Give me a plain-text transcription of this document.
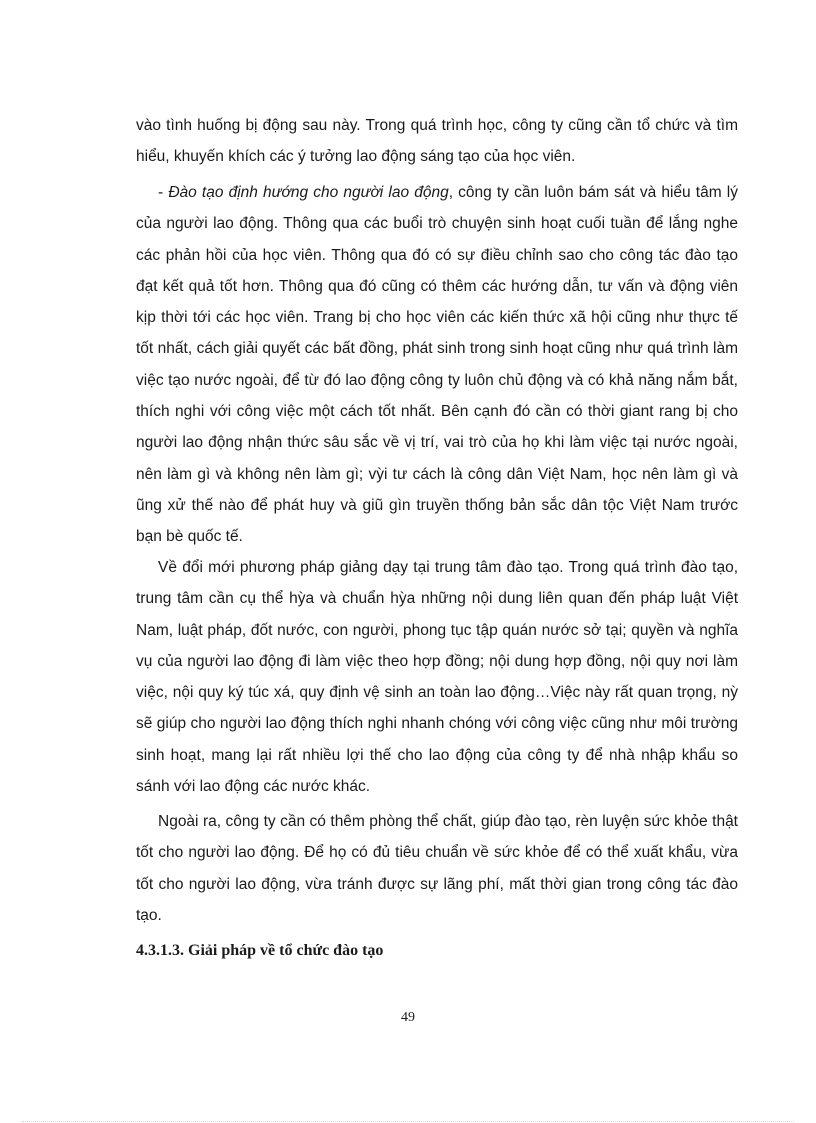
vào tình huống bị động sau này. Trong quá trình học, công ty cũng cần tổ chức và tìm hiểu, khuyến khích các ý tưởng lao động sáng tạo của học viên.

- Đào tạo định hướng cho người lao động, công ty cần luôn bám sát và hiểu tâm lý của người lao động. Thông qua các buổi trò chuyện sinh hoạt cuối tuần để lắng nghe các phản hồi của học viên. Thông qua đó có sự điều chỉnh sao cho công tác đào tạo đạt kết quả tốt hơn. Thông qua đó cũng có thêm các hướng dẫn, tư vấn và động viên kịp thời tới các học viên. Trang bị cho học viên các kiến thức xã hội cũng như thực tế tốt nhất, cách giải quyết các bất đồng, phát sinh trong sinh hoạt cũng như quá trình làm việc tạo nước ngoài, để từ đó lao động công ty luôn chủ động và có khả năng nắm bắt, thích nghi với công việc một cách tốt nhất. Bên cạnh đó cần có thời giant rang bị cho người lao động nhận thức sâu sắc về vị trí, vai trò của họ khi làm việc tại nước ngoài, nên làm gì và không nên làm gì; vỳi tư cách là công dân Việt Nam, học nên làm gì và ũng xử thế nào để phát huy và giũ gìn truyền thống bản sắc dân tộc Việt Nam trước bạn bè quốc tế.

Về đổi mới phương pháp giảng dạy tại trung tâm đào tạo. Trong quá trình đào tạo, trung tâm cần cụ thể hỳa và chuẩn hỳa những nội dung liên quan đến pháp luật Việt Nam, luật pháp, đốt nước, con người, phong tục tập quán nước sở tại; quyền và nghĩa vụ của người lao động đi làm việc theo hợp đồng; nội dung hợp đồng, nội quy nơi làm việc, nội quy ký túc xá, quy định vệ sinh an toàn lao động…Việc này rất quan trọng, nỳ sẽ giúp cho người lao động thích nghi nhanh chóng với công việc cũng như môi trường sinh hoạt, mang lại rất nhiều lợi thế cho lao động của công ty để nhà nhập khẩu so sánh với lao động các nước khác.

Ngoài ra, công ty cần có thêm phòng thể chất, giúp đào tạo, rèn luyện sức khỏe thật tốt cho người lao động. Để họ có đủ tiêu chuẩn về sức khỏe để có thể xuất khẩu, vừa tốt cho người lao động, vừa tránh được sự lãng phí, mất thời gian trong công tác đào tạo.

4.3.1.3. Giải pháp về tổ chức đào tạo

49
